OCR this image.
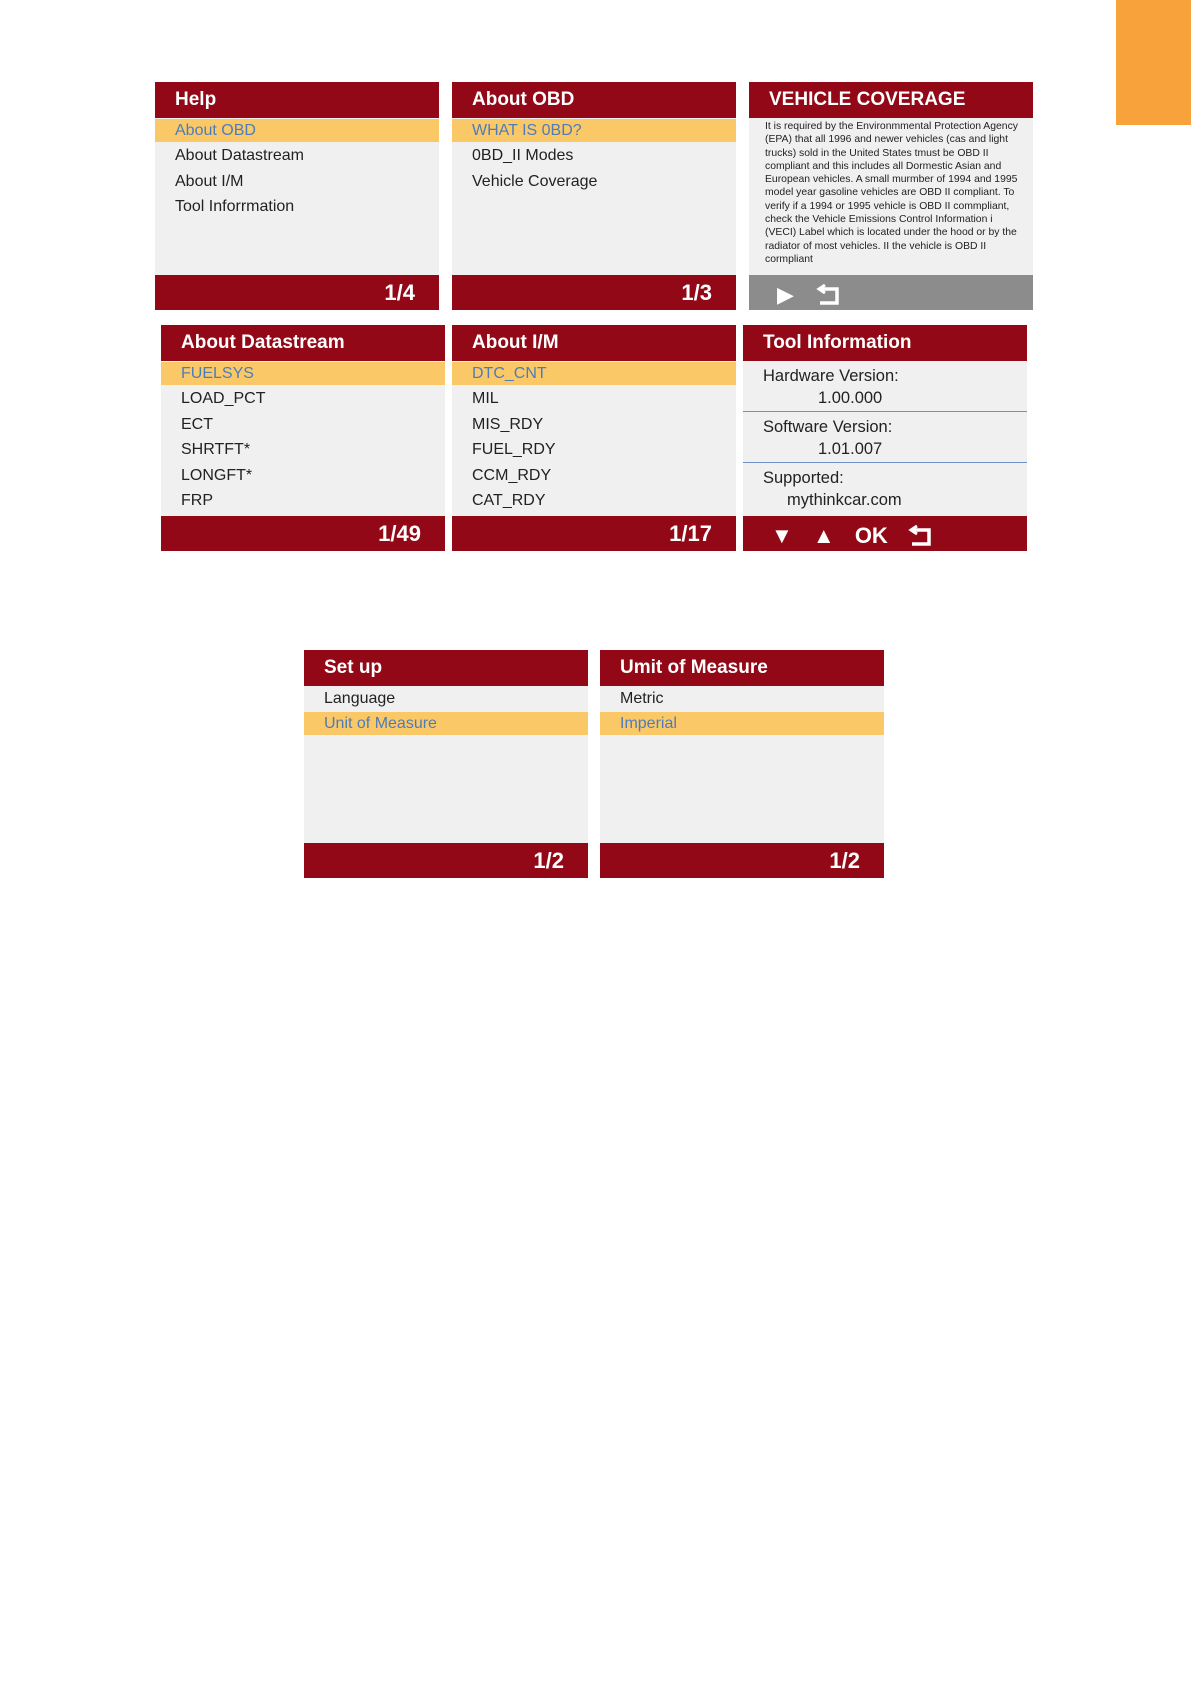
Help
About OBD
About Datastream
About I/M
Tool Inforrmation
1/4
About OBD
WHAT IS 0BD?
0BD_II Modes
Vehicle Coverage
1/3
VEHICLE COVERAGE
It is required by the Environmmental Protection Agency (EPA) that all 1996 and newer vehicles (cas and light trucks) sold in the United States tmust be OBD II compliant and this includes all Dormestic Asian and European vehicles. A small murmber of 1994 and 1995 model year gasoline vehicles are OBD II compliant. To verify if a 1994 or 1995 vehicle is OBD II commpliant, check the Vehicle Emissions Control Information i (VECI) Label which is located under the hood or by the radiator of most vehicles. II the vehicle is OBD II cormpliant
▶
About Datastream
FUELSYS
LOAD_PCT
ECT
SHRTFT*
LONGFT*
FRP
1/49
About I/M
DTC_CNT
MIL
MIS_RDY
FUEL_RDY
CCM_RDY
CAT_RDY
1/17
Tool Information
Hardware Version:
1.00.000
Software Version:
1.01.007
Supported:
mythinkcar.com
▼ ▲ OK
Set up
Language
Unit of Measure
1/2
Umit of Measure
Metric
Imperial
1/2
